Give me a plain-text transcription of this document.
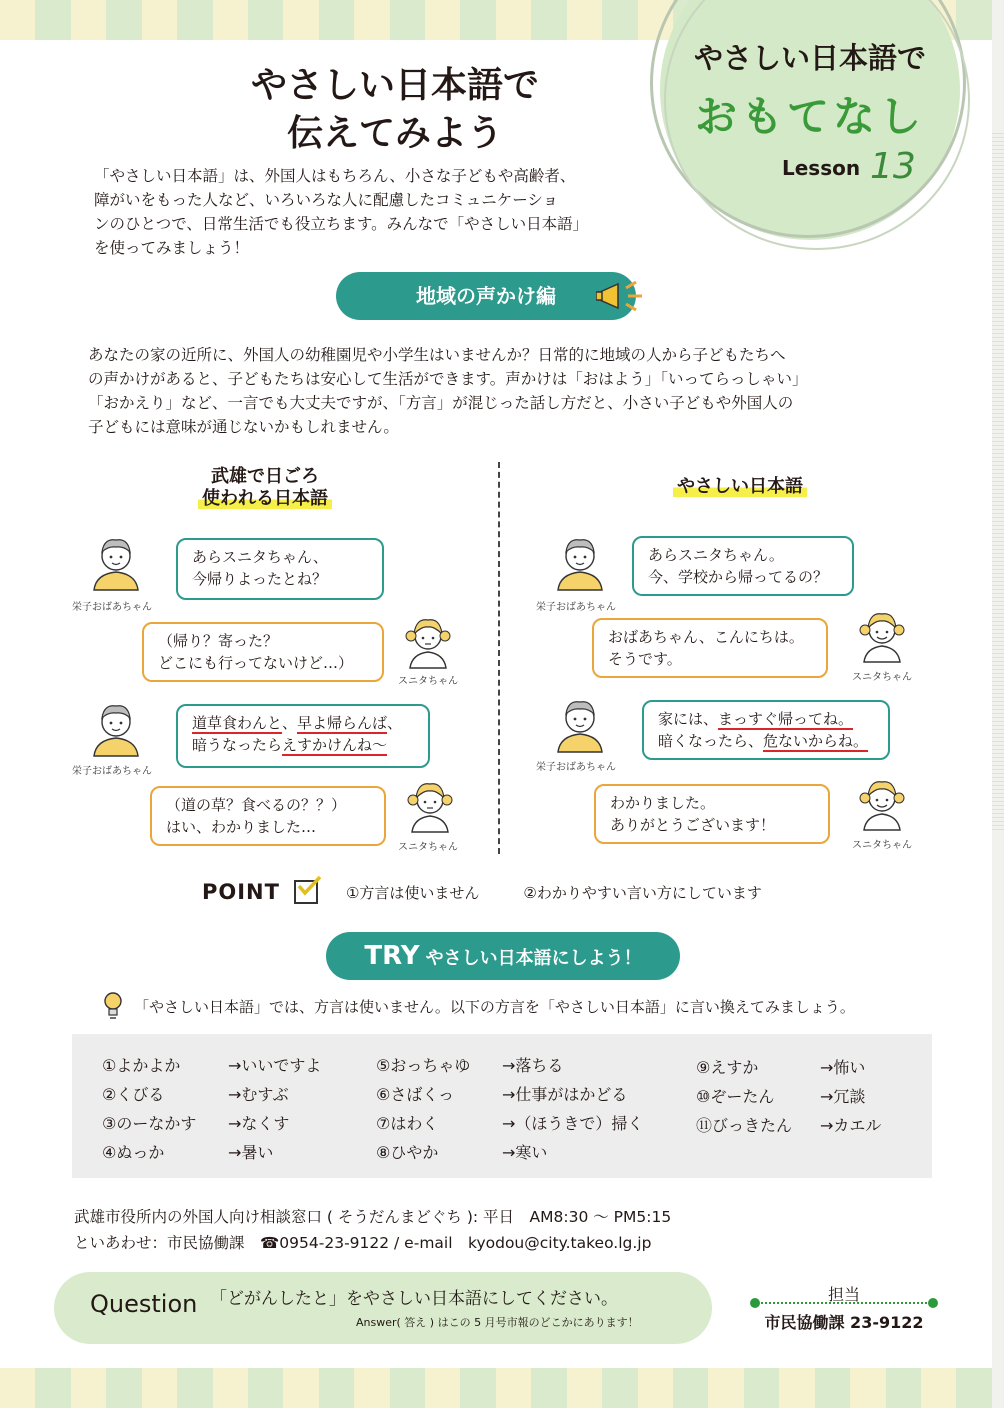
やさしい日本語で
おもてなし
Lesson 13
やさしい日本語で
伝えてみよう
「やさしい日本語」は、外国人はもちろん、小さな子どもや高齢者、
障がいをもった人など、いろいろな人に配慮したコミュニケーショ
ンのひとつで、日常生活でも役立ちます。みんなで「やさしい日本語」
を使ってみましょう！
地域の声かけ編
あなたの家の近所に、外国人の幼稚園児や小学生はいませんか？日常的に地域の人から子どもたちへ
の声かけがあると、子どもたちは安心して生活ができます。声かけは「おはよう」「いってらっしゃい」
「おかえり」など、一言でも大丈夫ですが、「方言」が混じった話し方だと、小さい子どもや外国人の
子どもには意味が通じないかもしれません。
武雄で日ごろ
使われる日本語
やさしい日本語
栄子おばあちゃん
あらスニタちゃん、
今帰りよったとね？
（帰り？寄った？
どこにも行ってないけど…）
スニタちゃん
栄子おばあちゃん
道草食わんと、早よ帰らんば、
暗うなったらえすかけんね〜
（道の草？食べるの？？）
はい、わかりました…
スニタちゃん
栄子おばあちゃん
あらスニタちゃん。
今、学校から帰ってるの？
おばあちゃん、こんにちは。
そうです。
スニタちゃん
栄子おばあちゃん
家には、まっすぐ帰ってね。
暗くなったら、危ないからね。
わかりました。
ありがとうございます！
スニタちゃん
POINT	①方言は使いません	②わかりやすい言い方にしています
TRY やさしい日本語にしよう！
「やさしい日本語」では、方言は使いません。以下の方言を「やさしい日本語」に言い換えてみましょう。
①よかよか	→いいですよ
②くびる	→むすぶ
③のーなかす →なくす
④ぬっか	→暑い
⑤おっちゃゆ →落ちる
⑥さばくっ	→仕事がはかどる
⑦はわく	→（ほうきで）掃く
⑧ひやか	→寒い
⑨えすか	→怖い
⑩ぞーたん	→冗談
⑪びっきたん →カエル
武雄市役所内の外国人向け相談窓口 ( そうだんまどぐち ): 平日　AM8:30 〜 PM5:15
といあわせ：市民協働課　☎0954-23-9122 / e-mail　kyodou@city.takeo.lg.jp
Question 「どがんしたと」をやさしい日本語にしてください。
Answer( 答え ) はこの 5 月号市報のどこかにあります！
担当
市民協働課 23-9122
